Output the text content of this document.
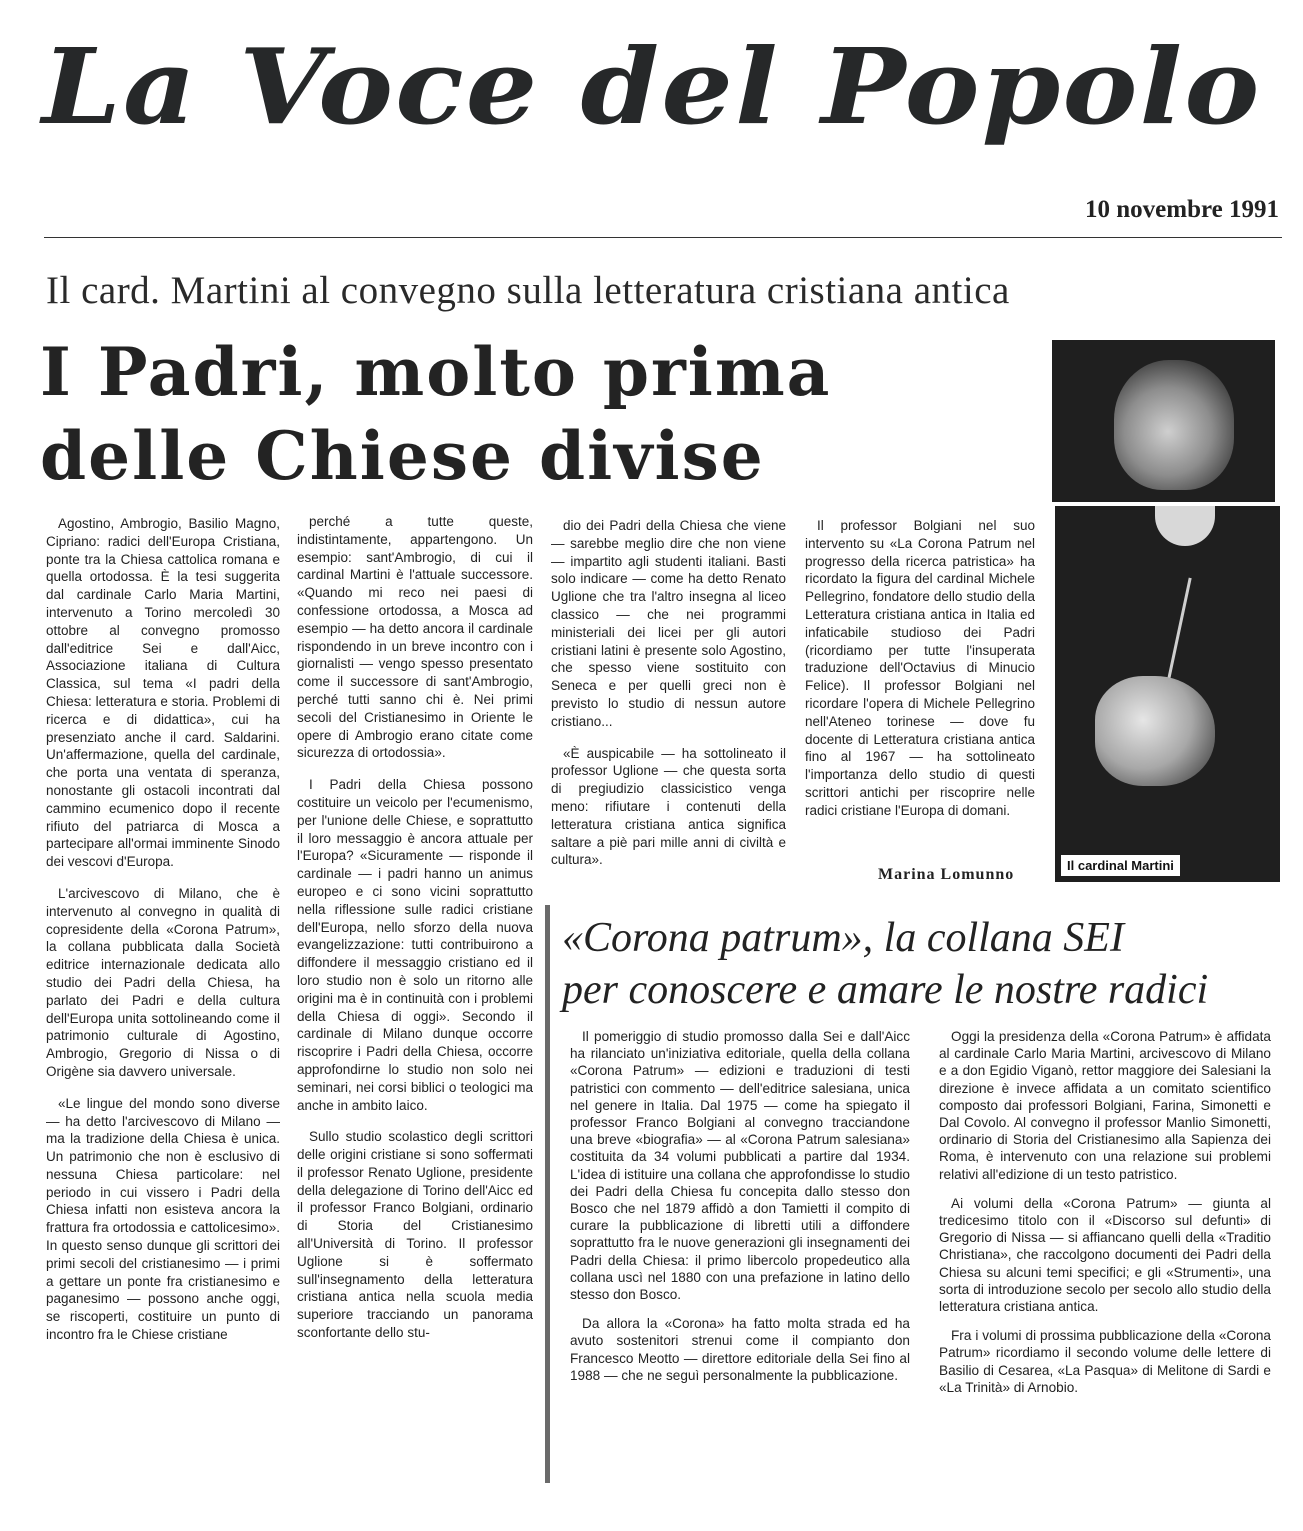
La Voce del Popolo
10 novembre 1991
Il card. Martini al convegno sulla letteratura cristiana antica
I Padri, molto prima
delle Chiese divise
Il cardinal Martini

Agostino, Ambrogio, Basilio Magno, Cipriano: radici dell'Europa Cristiana, ponte tra la Chiesa cattolica romana e quella ortodossa. È la tesi suggerita dal cardinale Carlo Maria Martini, intervenuto a Torino mercoledì 30 ottobre al convegno promosso dall'editrice Sei e dall'Aicc, Associazione italiana di Cultura Classica, sul tema «I padri della Chiesa: letteratura e storia. Problemi di ricerca e di didattica», cui ha presenziato anche il card. Saldarini. Un'affermazione, quella del cardinale, che porta una ventata di speranza, nonostante gli ostacoli incontrati dal cammino ecumenico dopo il recente rifiuto del patriarca di Mosca a partecipare all'ormai imminente Sinodo dei vescovi d'Europa.

L'arcivescovo di Milano, che è intervenuto al convegno in qualità di copresidente della «Corona Patrum», la collana pubblicata dalla Società editrice internazionale dedicata allo studio dei Padri della Chiesa, ha parlato dei Padri e della cultura dell'Europa unita sottolineando come il patrimonio culturale di Agostino, Ambrogio, Gregorio di Nissa o di Origène sia davvero universale.

«Le lingue del mondo sono diverse — ha detto l'arcivescovo di Milano — ma la tradizione della Chiesa è unica. Un patrimonio che non è esclusivo di nessuna Chiesa particolare: nel periodo in cui vissero i Padri della Chiesa infatti non esisteva ancora la frattura fra ortodossia e cattolicesimo». In questo senso dunque gli scrittori dei primi secoli del cristianesimo — i primi a gettare un ponte fra cristianesimo e paganesimo — possono anche oggi, se riscoperti, costituire un punto di incontro fra le Chiese cristiane

perché a tutte queste, indistintamente, appartengono. Un esempio: sant'Ambrogio, di cui il cardinal Martini è l'attuale successore. «Quando mi reco nei paesi di confessione ortodossa, a Mosca ad esempio — ha detto ancora il cardinale rispondendo in un breve incontro con i giornalisti — vengo spesso presentato come il successore di sant'Ambrogio, perché tutti sanno chi è. Nei primi secoli del Cristianesimo in Oriente le opere di Ambrogio erano citate come sicurezza di ortodossia».

I Padri della Chiesa possono costituire un veicolo per l'ecumenismo, per l'unione delle Chiese, e soprattutto il loro messaggio è ancora attuale per l'Europa? «Sicuramente — risponde il cardinale — i padri hanno un animus europeo e ci sono vicini soprattutto nella riflessione sulle radici cristiane dell'Europa, nello sforzo della nuova evangelizzazione: tutti contribuirono a diffondere il messaggio cristiano ed il loro studio non è solo un ritorno alle origini ma è in continuità con i problemi della Chiesa di oggi». Secondo il cardinale di Milano dunque occorre riscoprire i Padri della Chiesa, occorre approfondirne lo studio non solo nei seminari, nei corsi biblici o teologici ma anche in ambito laico.

Sullo studio scolastico degli scrittori delle origini cristiane si sono soffermati il professor Renato Uglione, presidente della delegazione di Torino dell'Aicc ed il professor Franco Bolgiani, ordinario di Storia del Cristianesimo all'Università di Torino. Il professor Uglione si è soffermato sull'insegnamento della letteratura cristiana antica nella scuola media superiore tracciando un panorama sconfortante dello stu-

dio dei Padri della Chiesa che viene — sarebbe meglio dire che non viene — impartito agli studenti italiani. Basti solo indicare — come ha detto Renato Uglione che tra l'altro insegna al liceo classico — che nei programmi ministeriali dei licei per gli autori cristiani latini è presente solo Agostino, che spesso viene sostituito con Seneca e per quelli greci non è previsto lo studio di nessun autore cristiano...

«È auspicabile — ha sottolineato il professor Uglione — che questa sorta di pregiudizio classicistico venga meno: rifiutare i contenuti della letteratura cristiana antica significa saltare a piè pari mille anni di civiltà e cultura».

Il professor Bolgiani nel suo intervento su «La Corona Patrum nel progresso della ricerca patristica» ha ricordato la figura del cardinal Michele Pellegrino, fondatore dello studio della Letteratura cristiana antica in Italia ed infaticabile studioso dei Padri (ricordiamo per tutte l'insuperata traduzione dell'Octavius di Minucio Felice). Il professor Bolgiani nel ricordare l'opera di Michele Pellegrino nell'Ateneo torinese — dove fu docente di Letteratura cristiana antica fino al 1967 — ha sottolineato l'importanza dello studio di questi scrittori antichi per riscoprire nelle radici cristiane l'Europa di domani.

Marina Lomunno
«Corona patrum», la collana SEI
per conoscere e amare le nostre radici

Il pomeriggio di studio promosso dalla Sei e dall'Aicc ha rilanciato un'iniziativa editoriale, quella della collana «Corona Patrum» — edizioni e traduzioni di testi patristici con commento — dell'editrice salesiana, unica nel genere in Italia. Dal 1975 — come ha spiegato il professor Franco Bolgiani al convegno tracciandone una breve «biografia» — al «Corona Patrum salesiana» costituita da 34 volumi pubblicati a partire dal 1934. L'idea di istituire una collana che approfondisse lo studio dei Padri della Chiesa fu concepita dallo stesso don Bosco che nel 1879 affidò a don Tamietti il compito di curare la pubblicazione di libretti utili a diffondere soprattutto fra le nuove generazioni gli insegnamenti dei Padri della Chiesa: il primo libercolo propedeutico alla collana uscì nel 1880 con una prefazione in latino dello stesso don Bosco.

Da allora la «Corona» ha fatto molta strada ed ha avuto sostenitori strenui come il compianto don Francesco Meotto — direttore editoriale della Sei fino al 1988 — che ne seguì personalmente la pubblicazione.

Oggi la presidenza della «Corona Patrum» è affidata al cardinale Carlo Maria Martini, arcivescovo di Milano e a don Egidio Viganò, rettor maggiore dei Salesiani la direzione è invece affidata a un comitato scientifico composto dai professori Bolgiani, Farina, Simonetti e Dal Covolo. Al convegno il professor Manlio Simonetti, ordinario di Storia del Cristianesimo alla Sapienza dei Roma, è intervenuto con una relazione sui problemi relativi all'edizione di un testo patristico.

Ai volumi della «Corona Patrum» — giunta al tredicesimo titolo con il «Discorso sul defunti» di Gregorio di Nissa — si affiancano quelli della «Traditio Christiana», che raccolgono documenti dei Padri della Chiesa su alcuni temi specifici; e gli «Strumenti», una sorta di introduzione secolo per secolo allo studio della letteratura cristiana antica.

Fra i volumi di prossima pubblicazione della «Corona Patrum» ricordiamo il secondo volume delle lettere di Basilio di Cesarea, «La Pasqua» di Melitone di Sardi e «La Trinità» di Arnobio.
